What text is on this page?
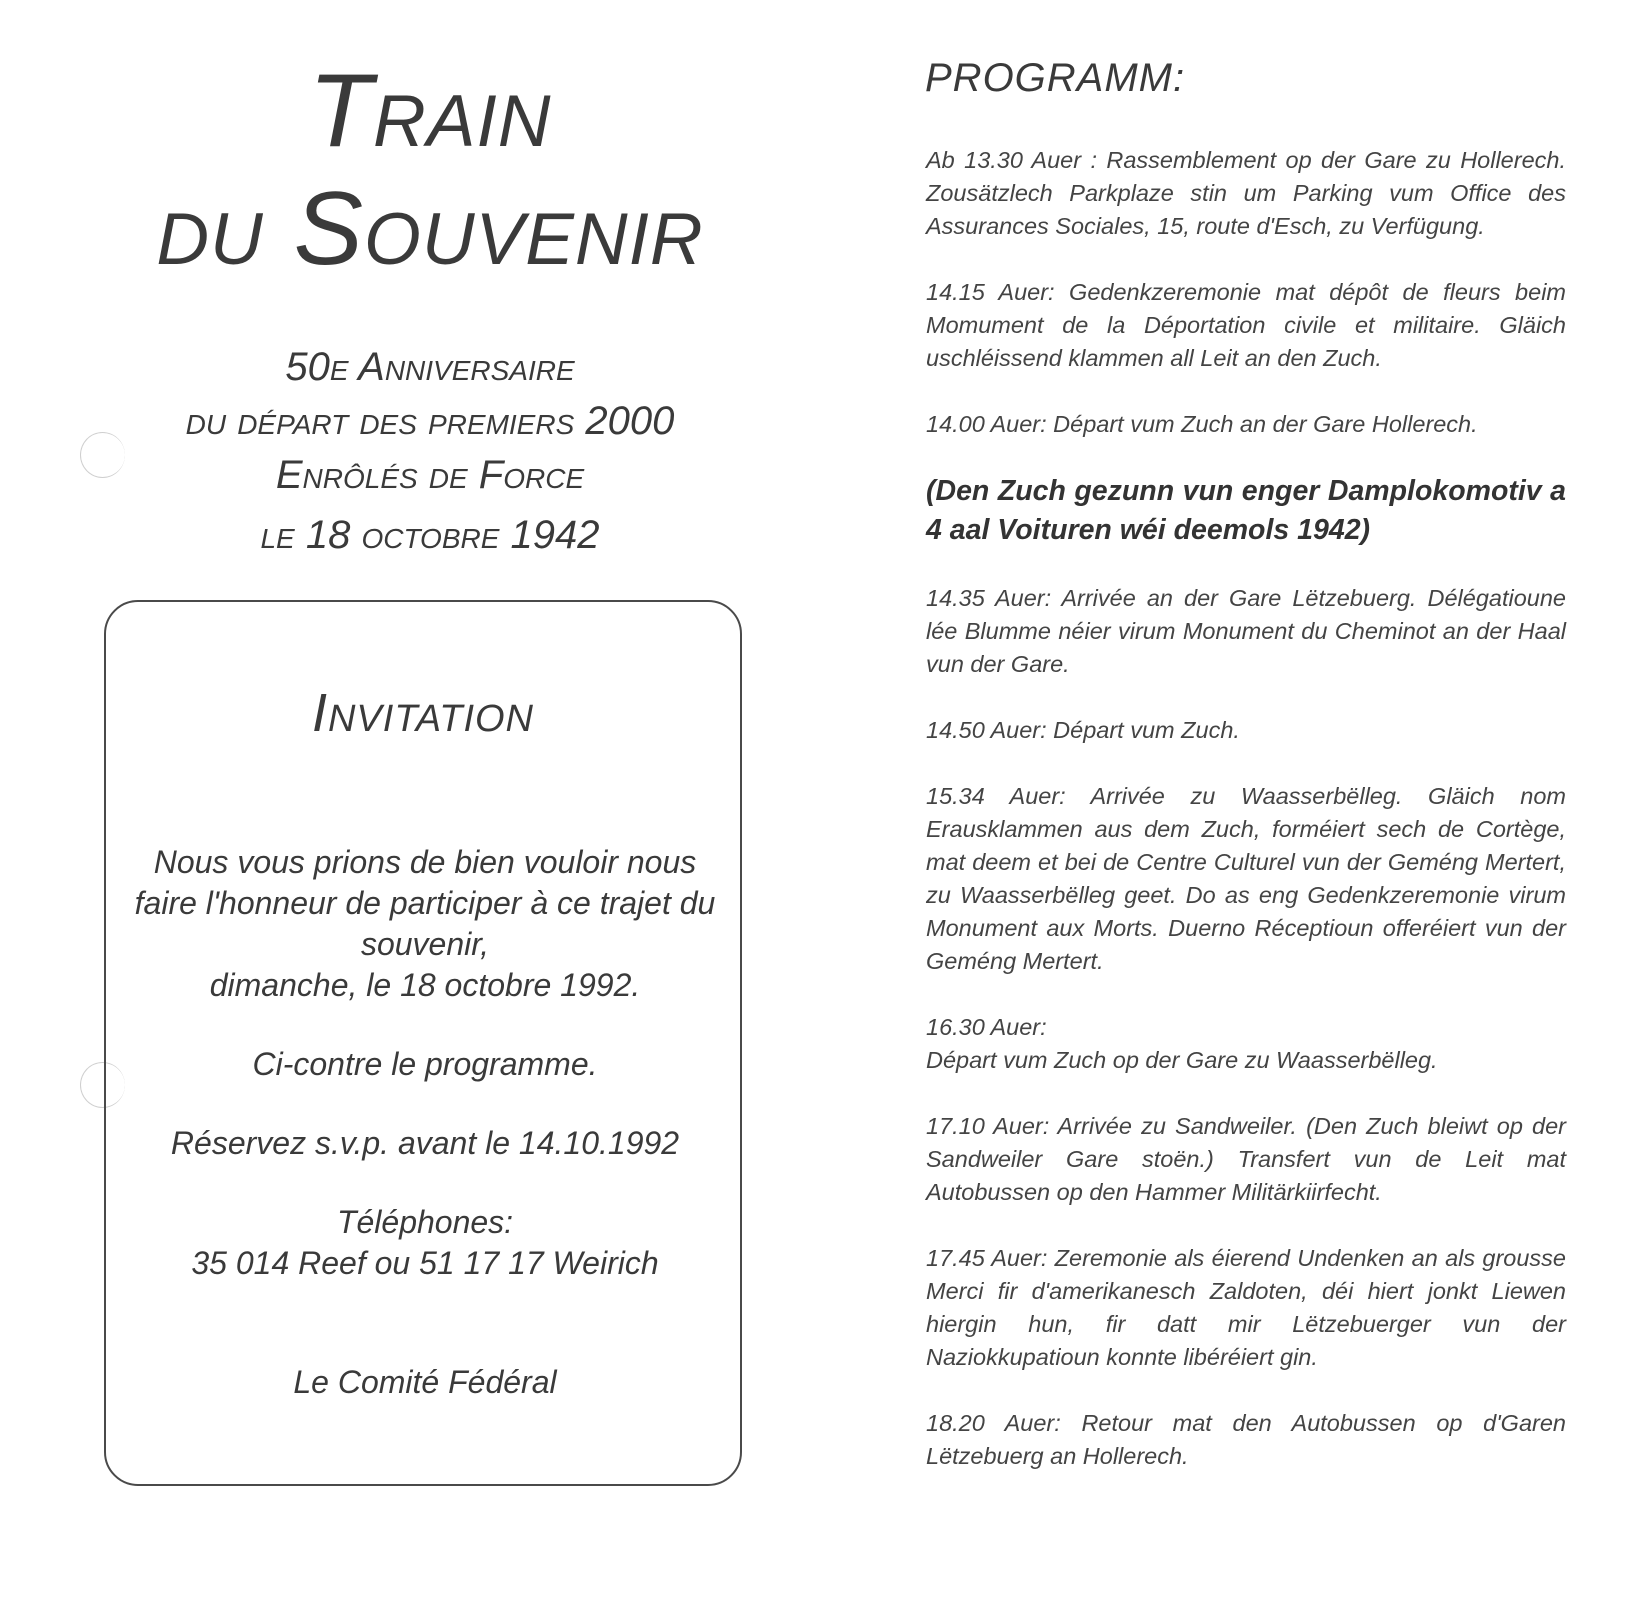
Train
du Souvenir
50e Anniversaire
du départ des premiers 2000
Enrôlés de Force
le 18 octobre 1942
Invitation
Nous vous prions de bien vouloir nous faire l'honneur de participer à ce trajet du souvenir,
dimanche, le 18 octobre 1992.
Ci-contre le programme.
Réservez s.v.p. avant le 14.10.1992
Téléphones:
35 014 Reef ou 51 17 17 Weirich
Le Comité Fédéral
PROGRAMM:
Ab 13.30 Auer : Rassemblement op der Gare zu Hollerech. Zousätzlech Parkplaze stin um Parking vum Office des Assurances Sociales, 15, route d'Esch, zu Verfügung.
14.15 Auer: Gedenkzeremonie mat dépôt de fleurs beim Momument de la Déportation civile et militaire. Gläich uschléissend klammen all Leit an den Zuch.
14.00 Auer: Départ vum Zuch an der Gare Hollerech.
(Den Zuch gezunn vun enger Damplokomotiv a 4 aal Voituren wéi deemols 1942)
14.35 Auer: Arrivée an der Gare Lëtzebuerg. Délégatioune lée Blumme néier virum Monument du Cheminot an der Haal vun der Gare.
14.50 Auer: Départ vum Zuch.
15.34 Auer: Arrivée zu Waasserbëlleg. Gläich nom Erausklammen aus dem Zuch, forméiert sech de Cortège, mat deem et bei de Centre Culturel vun der Geméng Mertert, zu Waasserbëlleg geet. Do as eng Gedenkzeremonie virum Monument aux Morts. Duerno Réceptioun offeréiert vun der Geméng Mertert.
16.30 Auer:
Départ vum Zuch op der Gare zu Waasserbëlleg.
17.10 Auer: Arrivée zu Sandweiler. (Den Zuch bleiwt op der Sandweiler Gare stoën.) Transfert vun de Leit mat Autobussen op den Hammer Militärkiirfecht.
17.45 Auer: Zeremonie als éierend Undenken an als grousse Merci fir d'amerikanesch Zaldoten, déi hiert jonkt Liewen hiergin hun, fir datt mir Lëtzebuerger vun der Naziokkupatioun konnte libéréiert gin.
18.20 Auer: Retour mat den Autobussen op d'Garen Lëtzebuerg an Hollerech.
